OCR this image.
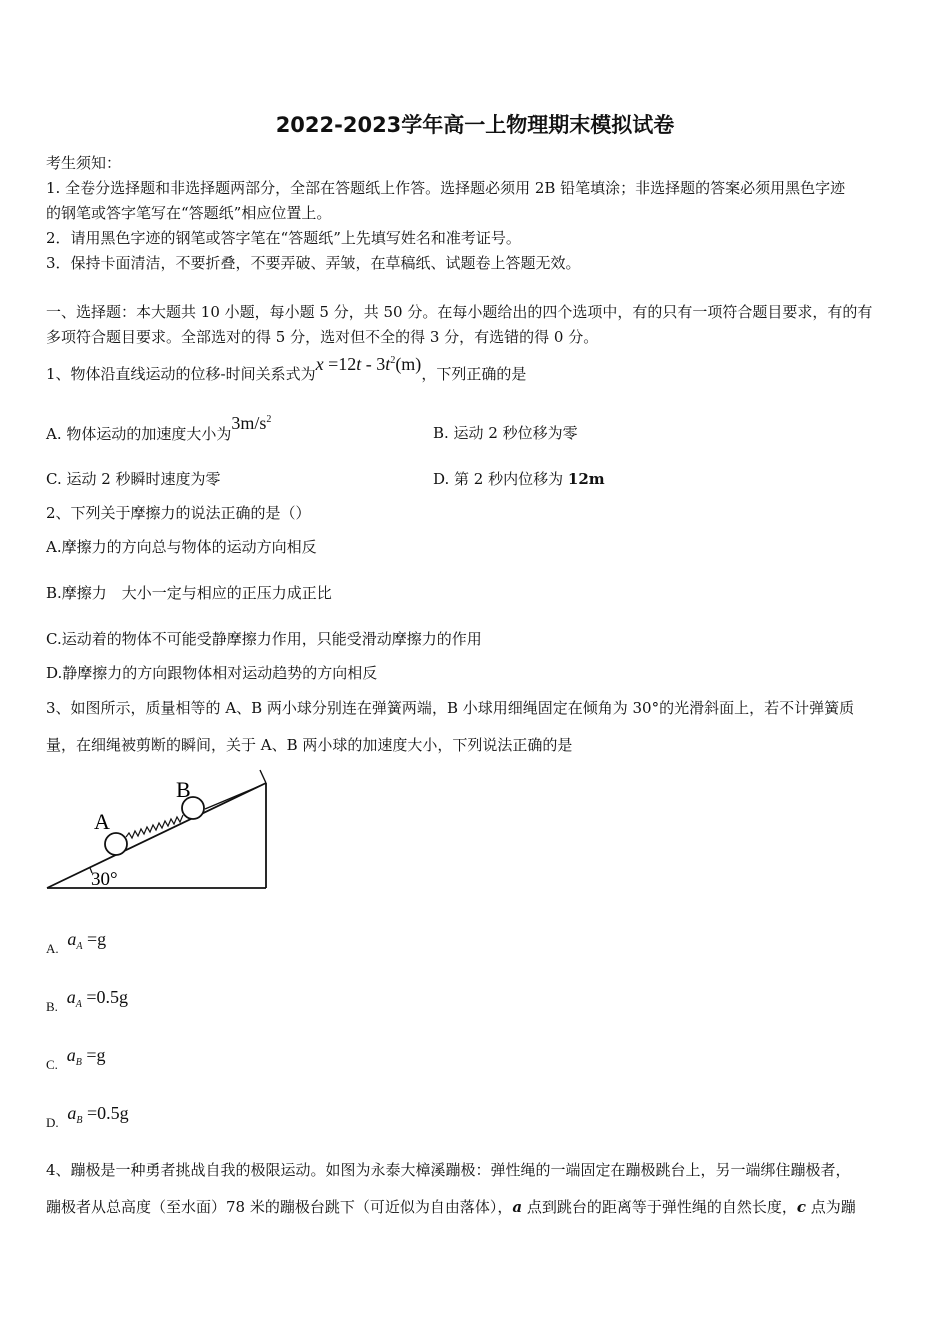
2022-2023学年高一上物理期末模拟试卷
考生须知：
1. 全卷分选择题和非选择题两部分，全部在答题纸上作答。选择题必须用 2B 铅笔填涂；非选择题的答案必须用黑色字迹
的钢笔或答字笔写在“答题纸”相应位置上。
2．请用黑色字迹的钢笔或答字笔在“答题纸”上先填写姓名和准考证号。
3．保持卡面清洁，不要折叠，不要弄破、弄皱，在草稿纸、试题卷上答题无效。
一、选择题：本大题共 10 小题，每小题 5 分，共 50 分。在每小题给出的四个选项中，有的只有一项符合题目要求，有的有
多项符合题目要求。全部选对的得 5 分，选对但不全的得 3 分，有选错的得 0 分。
1、物体沿直线运动的位移-时间关系式为$x =12t - 3t^2(m)$，下列正确的是
A. 物体运动的加速度大小为$3m/s^2$
B. 运动 2 秒位移为零
C. 运动 2 秒瞬时速度为零	D. 第 2 秒内位移为 12m
2、下列关于摩擦力的说法正确的是（）
A.摩擦力的方向总与物体的运动方向相反
B.摩擦力　大小一定与相应的正压力成正比
C.运动着的物体不可能受静摩擦力作用，只能受滑动摩擦力的作用
D.静摩擦力的方向跟物体相对运动趋势的方向相反
3、如图所示，质量相等的 A、B 两小球分别连在弹簧两端，B 小球用细绳固定在倾角为 30°的光滑斜面上，若不计弹簧质
量，在细绳被剪断的瞬间，关于 A、B 两小球的加速度大小，下列说法正确的是
A
B
30°
A. $a_A =g$
B. $a_A =0.5g$
C. $a_B =g$
D. $a_B =0.5g$
4、蹦极是一种勇者挑战自我的极限运动。如图为永泰大樟溪蹦极：弹性绳的一端固定在蹦极跳台上，另一端绑住蹦极者，
蹦极者从总高度（至水面）78 米的蹦极台跳下（可近似为自由落体），a 点到跳台的距离等于弹性绳的自然长度，c 点为蹦
